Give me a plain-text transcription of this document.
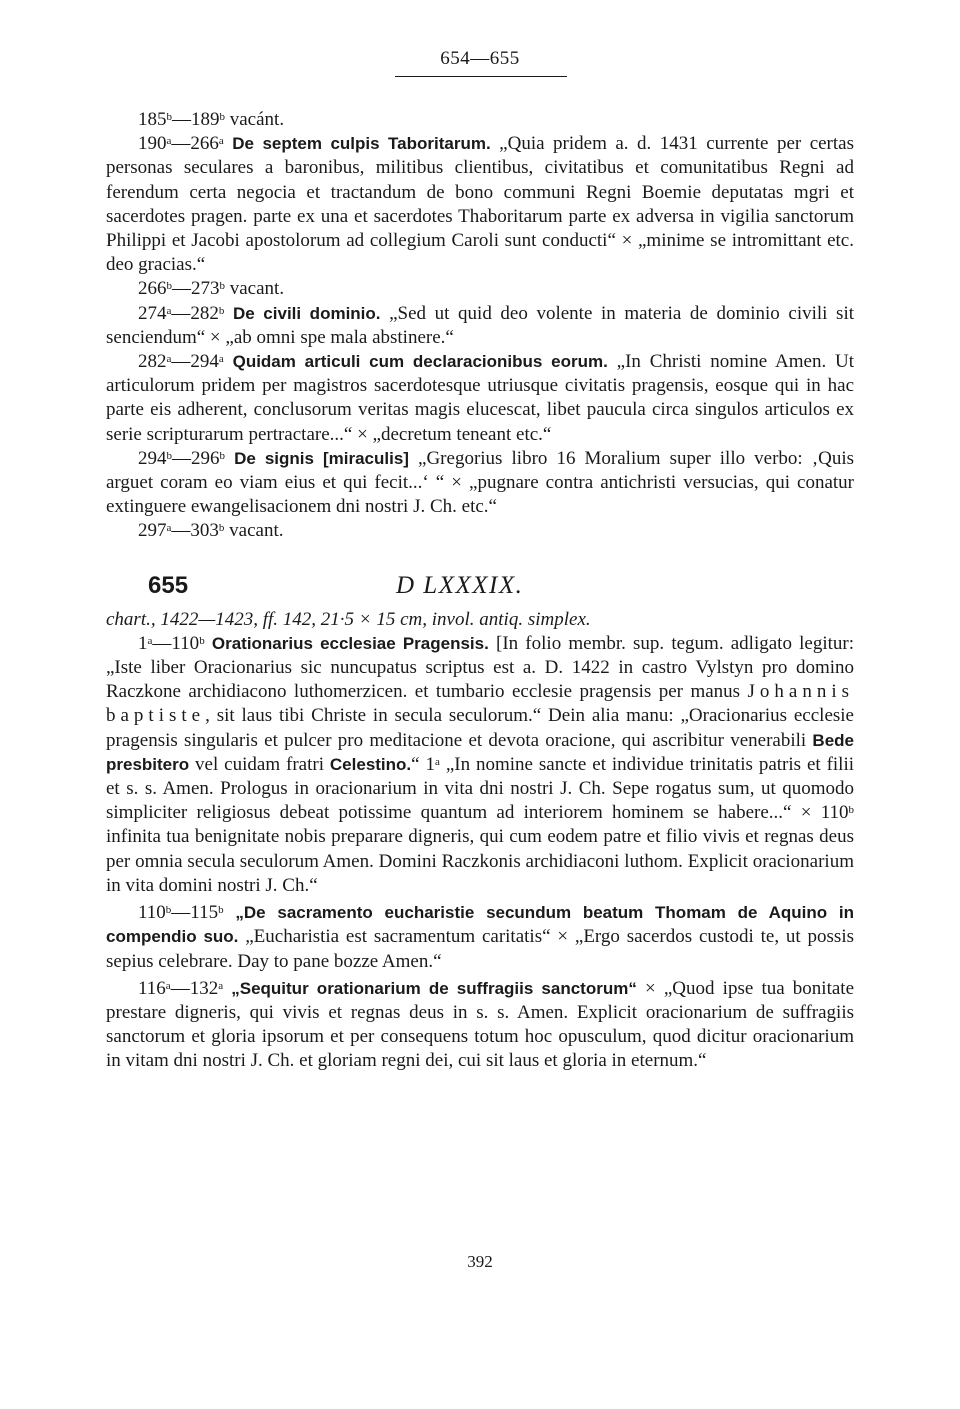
654—655

185$^b$—189$^b$ vacánt.

190$^a$—266$^a$ De septem culpis Taboritarum. „Quia pridem a. d. 1431 currente per certas personas seculares a baronibus, militibus clientibus, civitatibus et comunitatibus Regni ad ferendum certa negocia et tractandum de bono communi Regni Boemie deputatas mgri et sacerdotes pragen. parte ex una et sacerdotes Thaboritarum parte ex adversa in vigilia sanctorum Philippi et Jacobi apostolorum ad collegium Caroli sunt conducti“ × „minime se intromittant etc. deo gracias.“

266$^b$—273$^b$ vacant.

274$^a$—282$^b$ De civili dominio. „Sed ut quid deo volente in materia de dominio civili sit senciendum“ × „ab omni spe mala abstinere.“

282$^a$—294$^a$ Quidam articuli cum declaracionibus eorum. „In Christi nomine Amen. Ut articulorum pridem per magistros sacerdotesque utriusque civitatis pragensis, eosque qui in hac parte eis adherent, conclusorum veritas magis elucescat, libet paucula circa singulos articulos ex serie scripturarum pertractare...“ × „decretum teneant etc.“

294$^b$—296$^b$ De signis [miraculis] „Gregorius libro 16 Moralium super illo verbo: ‚Quis arguet coram eo viam eius et qui fecit...‘ “ × „pugnare contra antichristi versucias, qui conatur extinguere ewangelisacionem dni nostri J. Ch. etc.“

297$^a$—303$^b$ vacant.

655	D LXXXIX.

chart., 1422—1423, ff. 142, 21·5 × 15 cm, invol. antiq. simplex.

1$^a$—110$^b$ Orationarius ecclesiae Pragensis. [In folio membr. sup. tegum. adligato legitur: „Iste liber Oracionarius sic nuncupatus scriptus est a. D. 1422 in castro Vylstyn pro domino Raczkone archidiacono luthomerzicen. et tumbario ecclesie pragensis per manus Johannis baptiste, sit laus tibi Christe in secula seculorum.“ Dein alia manu: „Oracionarius ecclesie pragensis singularis et pulcer pro meditacione et devota oracione, qui ascribitur venerabili Bede presbitero vel cuidam fratri Celestino.“ 1$^a$ „In nomine sancte et individue trinitatis patris et filii et s. s. Amen. Prologus in oracionarium in vita dni nostri J. Ch. Sepe rogatus sum, ut quomodo simpliciter religiosus debeat potissime quantum ad interiorem hominem se habere...“ × $110^b$ infinita tua benignitate nobis preparare digneris, qui cum eodem patre et filio vivis et regnas deus per omnia secula seculorum Amen. Domini Raczkonis archidiaconi luthom. Explicit oracionarium in vita domini nostri J. Ch.“

110$^b$—115$^b$ „De sacramento eucharistie secundum beatum Thomam de Aquino in compendio suo. „Eucharistia est sacramentum caritatis“ × „Ergo sacerdos custodi te, ut possis sepius celebrare. Day to pane bozze Amen.“

116$^a$—132$^a$ „Sequitur orationarium de suffragiis sanctorum“ × „Quod ipse tua bonitate prestare digneris, qui vivis et regnas deus in s. s. Amen. Explicit oracionarium de suffragiis sanctorum et gloria ipsorum et per consequens totum hoc opusculum, quod dicitur oracionarium in vitam dni nostri J. Ch. et gloriam regni dei, cui sit laus et gloria in eternum.“

392
